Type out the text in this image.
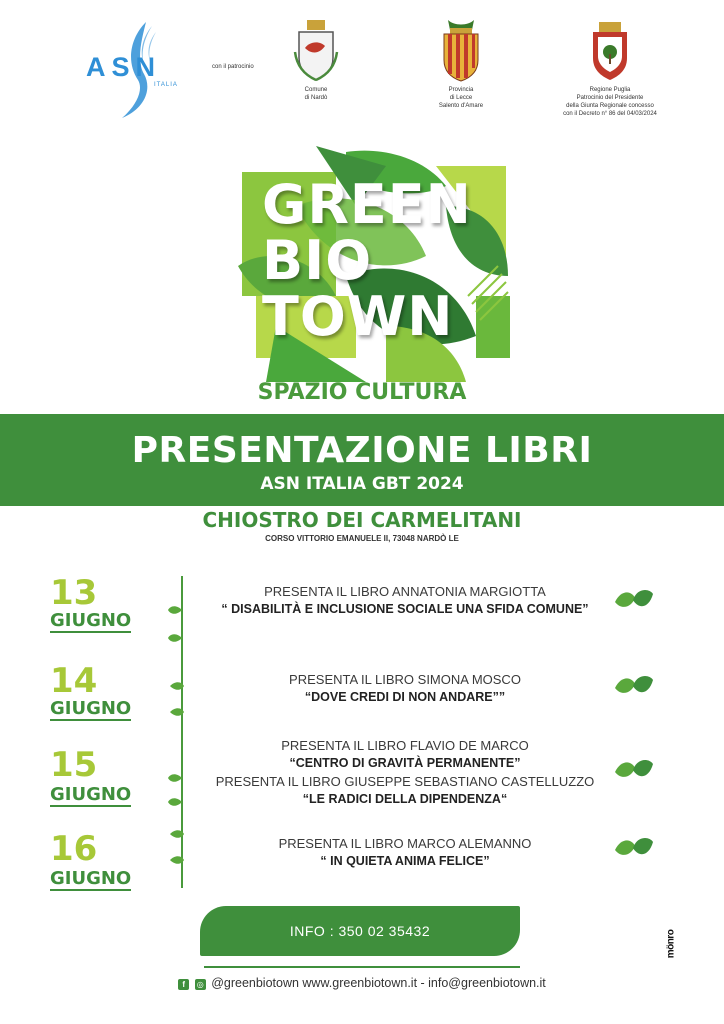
ASN
ITALIA
con il patrocinio
Comune
di Nardò
Provincia
di Lecce
Salento d'Amare
Regione Puglia
Patrocinio del Presidente
della Giunta Regionale concesso
con il Decreto n° 86 del 04/03/2024
GREEN
BIO
TOWN
SPAZIO CULTURA
PRESENTAZIONE LIBRI
ASN ITALIA GBT 2024
CHIOSTRO DEI CARMELITANI
CORSO VITTORIO EMANUELE II, 73048 NARDÒ LE
13
GIUGNO
PRESENTA IL LIBRO ANNATONIA MARGIOTTA
“ DISABILITÀ E INCLUSIONE SOCIALE UNA SFIDA COMUNE”
14
GIUGNO
PRESENTA IL LIBRO SIMONA MOSCO
“DOVE CREDI DI NON ANDARE””
15
GIUGNO
PRESENTA IL LIBRO FLAVIO DE MARCO
“CENTRO DI GRAVITÀ PERMANENTE”
PRESENTA IL LIBRO GIUSEPPE SEBASTIANO CASTELLUZZO
“LE RADICI DELLA DIPENDENZA“
16
GIUGNO
PRESENTA IL LIBRO MARCO ALEMANNO
“ IN QUIETA ANIMA FELICE”
INFO : 350 02 35432
f ◎ @greenbiotown www.greenbiotown.it - info@greenbiotown.it
mönro
